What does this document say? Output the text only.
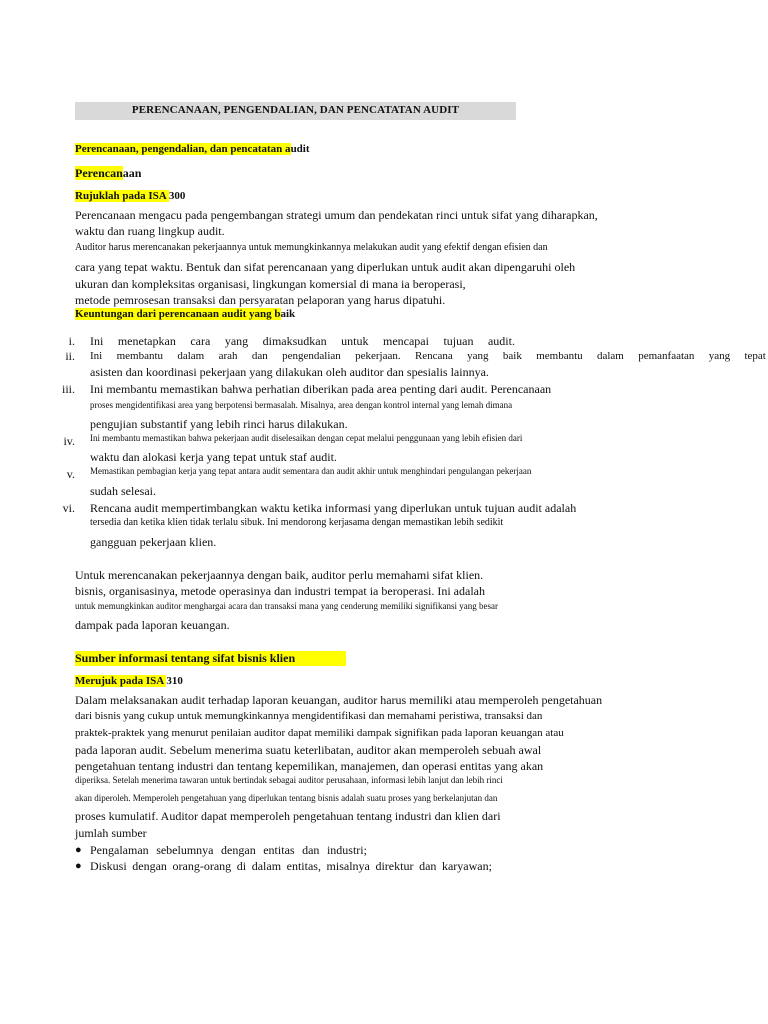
PERENCANAAN, PENGENDALIAN, DAN PENCATATAN AUDIT
Perencanaan, pengendalian, dan pencatatan audit
Perencanaan
Rujuklah pada ISA 300
Perencanaan mengacu pada pengembangan strategi umum dan pendekatan rinci untuk sifat yang diharapkan,
waktu dan ruang lingkup audit.
Auditor harus merencanakan pekerjaannya untuk memungkinkannya melakukan audit yang efektif dengan efisien dan
cara yang tepat waktu. Bentuk dan sifat perencanaan yang diperlukan untuk audit akan dipengaruhi oleh
ukuran dan kompleksitas organisasi, lingkungan komersial di mana ia beroperasi,
metode pemrosesan transaksi dan persyaratan pelaporan yang harus dipatuhi.
Keuntungan dari perencanaan audit yang baik
i. Ini menetapkan cara yang dimaksudkan untuk mencapai tujuan audit.
ii. Ini membantu dalam arah dan pengendalian pekerjaan. Rencana yang baik membantu dalam pemanfaatan yang tepat
asisten dan koordinasi pekerjaan yang dilakukan oleh auditor dan spesialis lainnya.
iii. Ini membantu memastikan bahwa perhatian diberikan pada area penting dari audit. Perencanaan
proses mengidentifikasi area yang berpotensi bermasalah. Misalnya, area dengan kontrol internal yang lemah dimana
pengujian substantif yang lebih rinci harus dilakukan.
iv. Ini membantu memastikan bahwa pekerjaan audit diselesaikan dengan cepat melalui penggunaan yang lebih efisien dari
waktu dan alokasi kerja yang tepat untuk staf audit.
v. Memastikan pembagian kerja yang tepat antara audit sementara dan audit akhir untuk menghindari pengulangan pekerjaan
sudah selesai.
vi. Rencana audit mempertimbangkan waktu ketika informasi yang diperlukan untuk tujuan audit adalah
tersedia dan ketika klien tidak terlalu sibuk. Ini mendorong kerjasama dengan memastikan lebih sedikit
gangguan pekerjaan klien.
Untuk merencanakan pekerjaannya dengan baik, auditor perlu memahami sifat klien.
bisnis, organisasinya, metode operasinya dan industri tempat ia beroperasi. Ini adalah
untuk memungkinkan auditor menghargai acara dan transaksi mana yang cenderung memiliki signifikansi yang besar
dampak pada laporan keuangan.
Sumber informasi tentang sifat bisnis klien
Merujuk pada ISA 310
Dalam melaksanakan audit terhadap laporan keuangan, auditor harus memiliki atau memperoleh pengetahuan
dari bisnis yang cukup untuk memungkinkannya mengidentifikasi dan memahami peristiwa, transaksi dan
praktek-praktek yang menurut penilaian auditor dapat memiliki dampak signifikan pada laporan keuangan atau
pada laporan audit. Sebelum menerima suatu keterlibatan, auditor akan memperoleh sebuah awal
pengetahuan tentang industri dan tentang kepemilikan, manajemen, dan operasi entitas yang akan
diperiksa. Setelah menerima tawaran untuk bertindak sebagai auditor perusahaan, informasi lebih lanjut dan lebih rinci
akan diperoleh. Memperoleh pengetahuan yang diperlukan tentang bisnis adalah suatu proses yang berkelanjutan dan
proses kumulatif. Auditor dapat memperoleh pengetahuan tentang industri dan klien dari
jumlah sumber
● Pengalaman sebelumnya dengan entitas dan industri;
● Diskusi dengan orang-orang di dalam entitas, misalnya direktur dan karyawan;
